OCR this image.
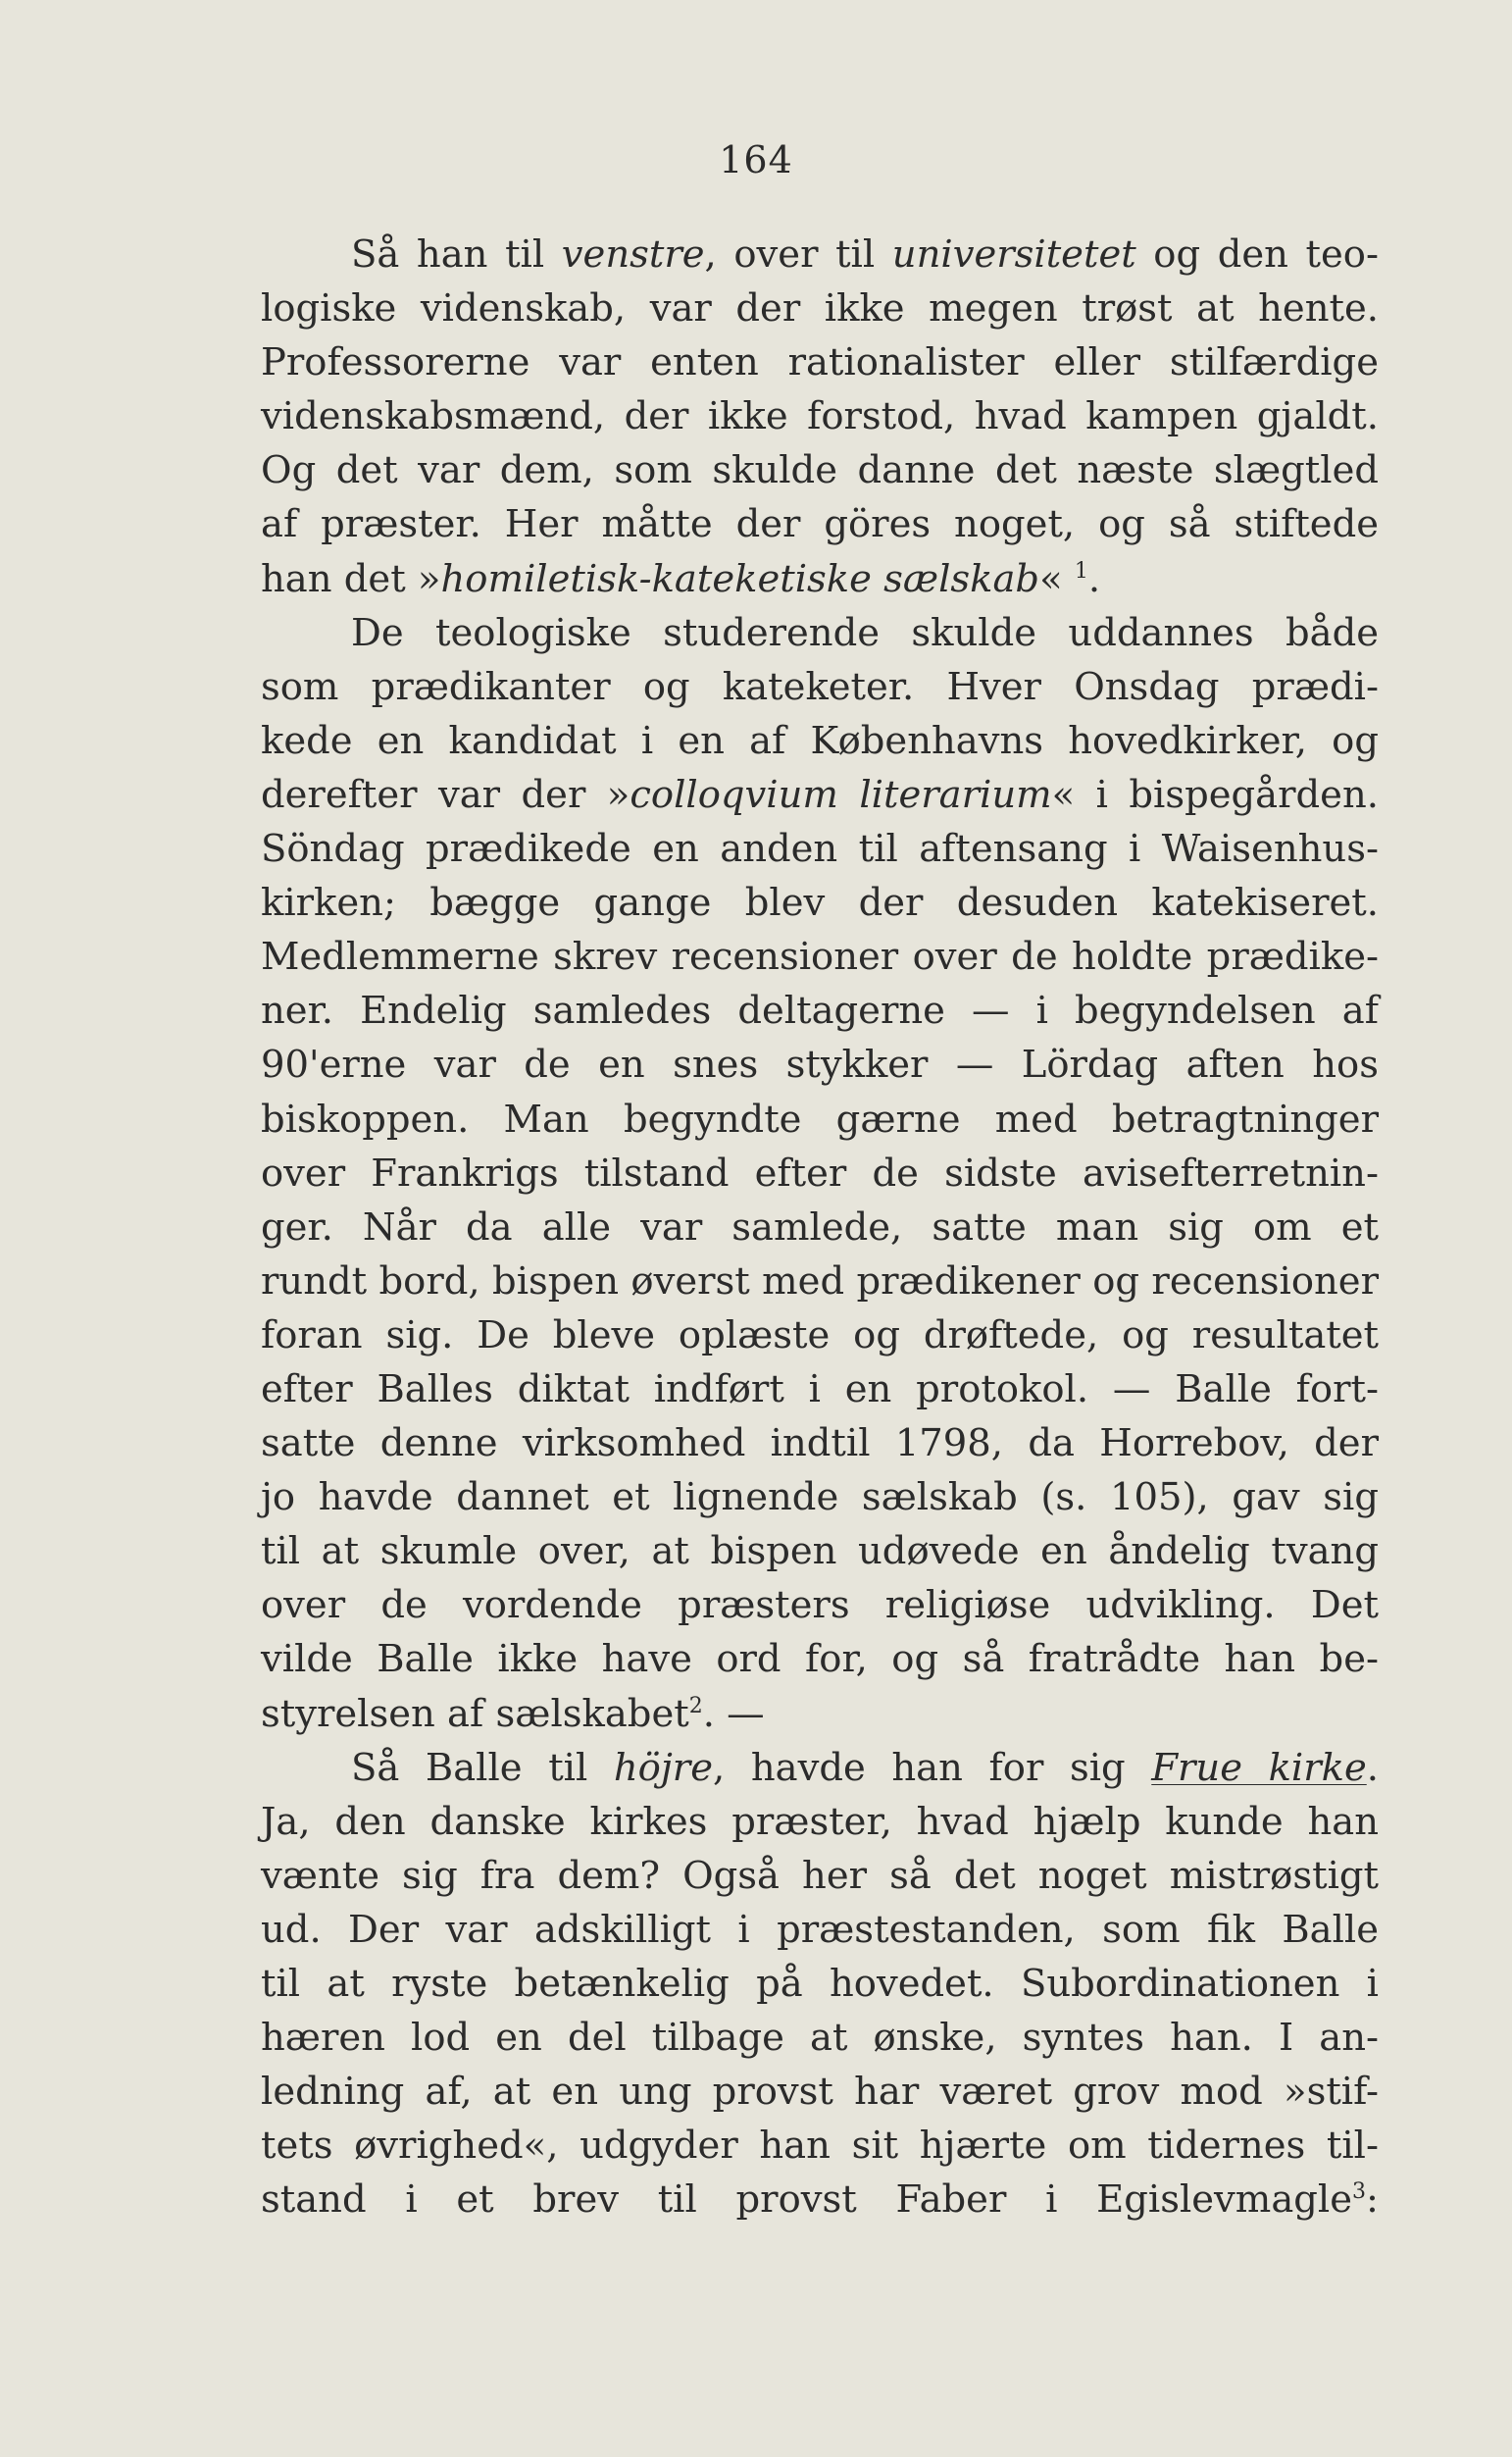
164
Så han til venstre, over til universitetet og den teo-
logiske videnskab, var der ikke megen trøst at hente.
Professorerne var enten rationalister eller stilfærdige
videnskabsmænd, der ikke forstod, hvad kampen gjaldt.
Og det var dem, som skulde danne det næste slægtled
af præster. Her måtte der göres noget, og så stiftede
han det »homiletisk-kateketiske sælskab« $^1$.
De teologiske studerende skulde uddannes både
som prædikanter og kateketer. Hver Onsdag prædi-
kede en kandidat i en af Københavns hovedkirker, og
derefter var der »colloqvium literarium« i bispegården.
Söndag prædikede en anden til aftensang i Waisenhus-
kirken; bægge gange blev der desuden katekiseret.
Medlemmerne skrev recensioner over de holdte prædike-
ner. Endelig samledes deltagerne — i begyndelsen af
90'erne var de en snes stykker — Lördag aften hos
biskoppen. Man begyndte gærne med betragtninger
over Frankrigs tilstand efter de sidste avisefterretnin-
ger. Når da alle var samlede, satte man sig om et
rundt bord, bispen øverst med prædikener og recensioner
foran sig. De bleve oplæste og drøftede, og resultatet
efter Balles diktat indført i en protokol. — Balle fort-
satte denne virksomhed indtil 1798, da Horrebov, der
jo havde dannet et lignende sælskab (s. 105), gav sig
til at skumle over, at bispen udøvede en åndelig tvang
over de vordende præsters religiøse udvikling. Det
vilde Balle ikke have ord for, og så fratrådte han be-
styrelsen af sælskabet$^2$. —
Så Balle til höjre, havde han for sig Frue kirke.
Ja, den danske kirkes præster, hvad hjælp kunde han
vænte sig fra dem? Også her så det noget mistrøstigt
ud. Der var adskilligt i præstestanden, som fik Balle
til at ryste betænkelig på hovedet. Subordinationen i
hæren lod en del tilbage at ønske, syntes han. I an-
ledning af, at en ung provst har været grov mod »stif-
tets øvrighed«, udgyder han sit hjærte om tidernes til-
stand i et brev til provst Faber i Egislevmagle$^3$:
